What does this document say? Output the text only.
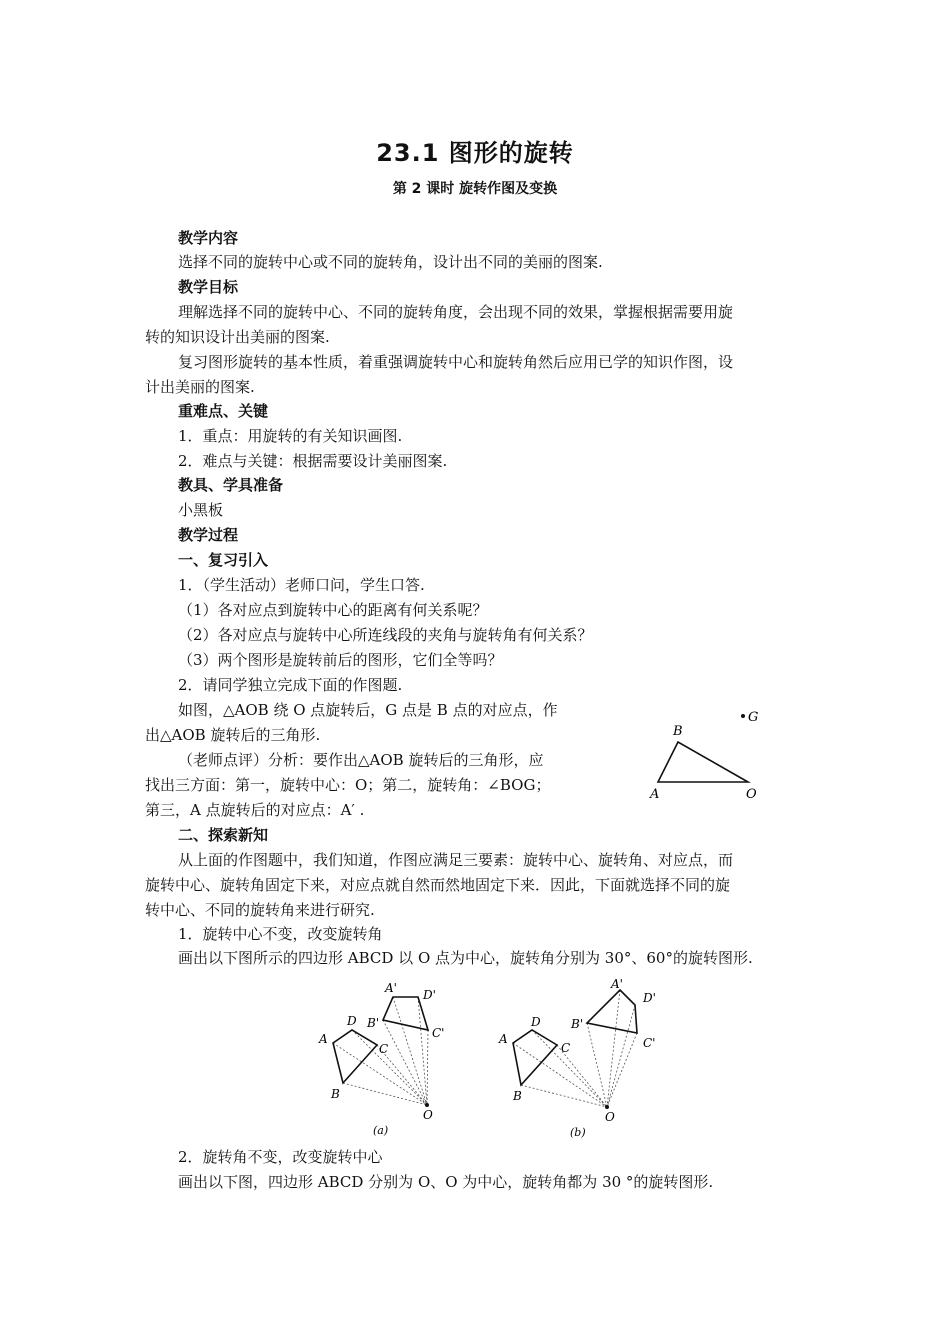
23.1 图形的旋转
第 2 课时 旋转作图及变换
教学内容
选择不同的旋转中心或不同的旋转角，设计出不同的美丽的图案.
教学目标
理解选择不同的旋转中心、不同的旋转角度，会出现不同的效果，掌握根据需要用旋
转的知识设计出美丽的图案.
复习图形旋转的基本性质，着重强调旋转中心和旋转角然后应用已学的知识作图，设
计出美丽的图案.
重难点、关键
1．重点：用旋转的有关知识画图.
2．难点与关键：根据需要设计美丽图案.
教具、学具准备
小黑板
教学过程
一、复习引入
1．（学生活动）老师口问，学生口答.
（1）各对应点到旋转中心的距离有何关系呢？
（2）各对应点与旋转中心所连线段的夹角与旋转角有何关系？
（3）两个图形是旋转前后的图形，它们全等吗？
2．请同学独立完成下面的作图题.
如图，△AOB 绕 O 点旋转后，G 点是 B 点的对应点，作
出△AOB 旋转后的三角形.
（老师点评）分析：要作出△AOB 旋转后的三角形，应
找出三方面：第一，旋转中心：O；第二，旋转角：∠BOG；
第三，A 点旋转后的对应点：A′ .
二、探索新知
从上面的作图题中，我们知道，作图应满足三要素：旋转中心、旋转角、对应点，而
旋转中心、旋转角固定下来，对应点就自然而然地固定下来．因此，下面就选择不同的旋
转中心、不同的旋转角来进行研究.
1．旋转中心不变，改变旋转角
画出以下图所示的四边形 ABCD 以 O 点为中心，旋转角分别为 30°、60°的旋转图形.
2．旋转角不变，改变旋转中心
画出以下图，四边形 ABCD 分别为 O、O 为中心，旋转角都为 30 °的旋转图形.
B
G
A	O
A
D
C
B
O
A' D'
B'
C'
(a)
A
D
C
B
O
A'
D'
B'
C'
(b)
